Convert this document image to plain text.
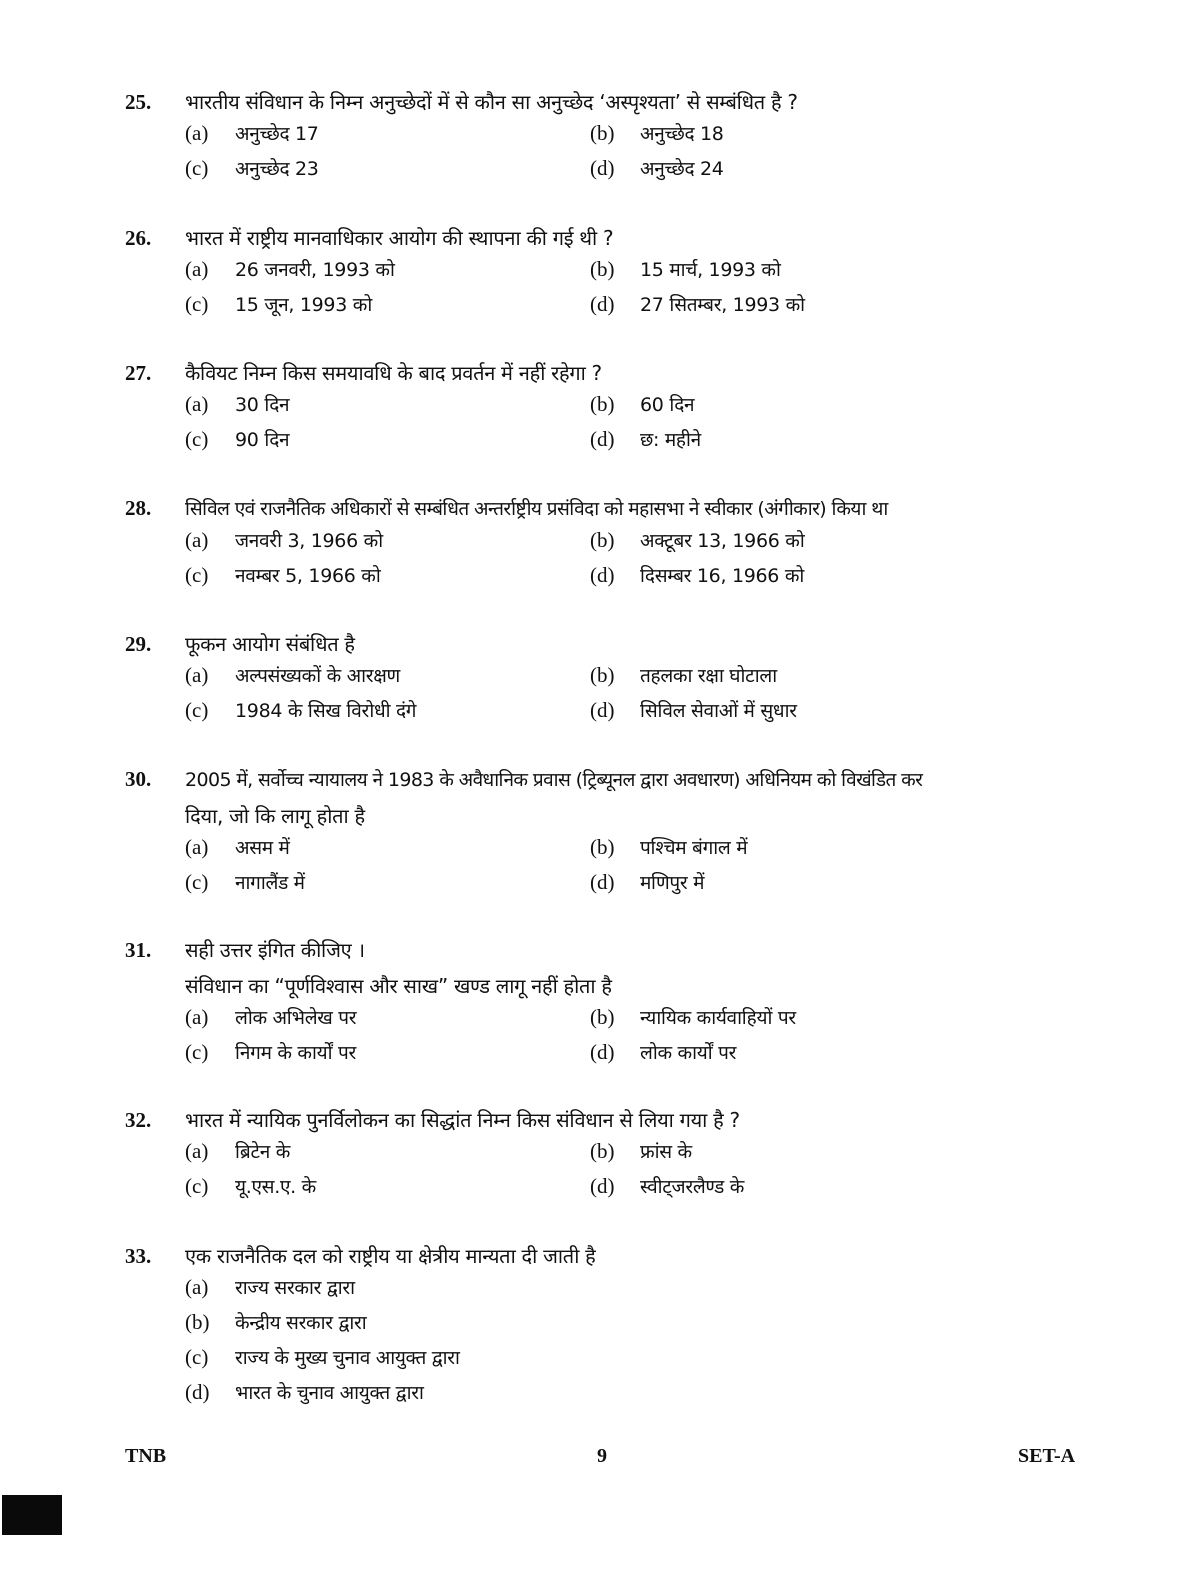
25.	भारतीय संविधान के निम्न अनुच्छेदों में से कौन सा अनुच्छेद ‘अस्पृश्यता’ से सम्बंधित है ?
(a)	अनुच्छेद 17	(b)	अनुच्छेद 18
(c)	अनुच्छेद 23	(d)	अनुच्छेद 24
26.	भारत में राष्ट्रीय मानवाधिकार आयोग की स्थापना की गई थी ?
(a)	26 जनवरी, 1993 को	(b)	15 मार्च, 1993 को
(c)	15 जून, 1993 को	(d)	27 सितम्बर, 1993 को
27.	कैवियट निम्न किस समयावधि के बाद प्रवर्तन में नहीं रहेगा ?
(a)	30 दिन	(b)	60 दिन
(c)	90 दिन	(d)	छ: महीने
28.	सिविल एवं राजनैतिक अधिकारों से सम्बंधित अन्तर्राष्ट्रीय प्रसंविदा को महासभा ने स्वीकार (अंगीकार) किया था
(a)	जनवरी 3, 1966 को	(b)	अक्टूबर 13, 1966 को
(c)	नवम्बर 5, 1966 को	(d)	दिसम्बर 16, 1966 को
29.	फूकन आयोग संबंधित है
(a)	अल्पसंख्यकों के आरक्षण	(b)	तहलका रक्षा घोटाला
(c)	1984 के सिख विरोधी दंगे	(d)	सिविल सेवाओं में सुधार
30.	2005 में, सर्वोच्च न्यायालय ने 1983 के अवैधानिक प्रवास (ट्रिब्यूनल द्वारा अवधारण) अधिनियम को विखंडित कर
दिया, जो कि लागू होता है
(a)	असम में	(b)	पश्चिम बंगाल में
(c)	नागालैंड में	(d)	मणिपुर में
31.	सही उत्तर इंगित कीजिए ।
संविधान का “पूर्णविश्वास और साख” खण्ड लागू नहीं होता है
(a)	लोक अभिलेख पर	(b)	न्यायिक कार्यवाहियों पर
(c)	निगम के कार्यों पर	(d)	लोक कार्यों पर
32.	भारत में न्यायिक पुनर्विलोकन का सिद्धांत निम्न किस संविधान से लिया गया है ?
(a)	ब्रिटेन के	(b)	फ्रांस के
(c)	यू.एस.ए. के	(d)	स्वीट्जरलैण्ड के
33.	एक राजनैतिक दल को राष्ट्रीय या क्षेत्रीय मान्यता दी जाती है
(a)	राज्य सरकार द्वारा
(b)	केन्द्रीय सरकार द्वारा
(c)	राज्य के मुख्य चुनाव आयुक्त द्वारा
(d)	भारत के चुनाव आयुक्त द्वारा
TNB	9	SET-A
